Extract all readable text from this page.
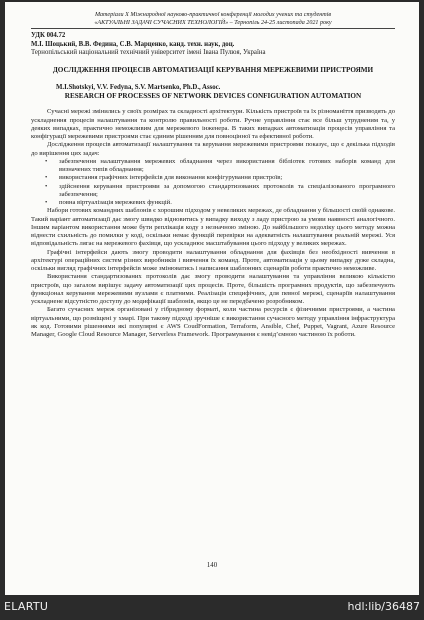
Матеріали Х Міжнародної науково-практичної конференції молодих учених та студентів
«АКТУАЛЬНІ ЗАДАЧІ СУЧАСНИХ ТЕХНОЛОГІЙ» – Тернопіль 24-25 листопада 2021 року

УДК 004.72

М.І. Шоцький, В.В. Федина, С.В. Марценко, канд. техн. наук, доц.

Тернопільський національний технічний університет імені Івана Пулюя, Україна

ДОСЛІДЖЕННЯ ПРОЦЕСІВ АВТОМАТИЗАЦІЇ КЕРУВАННЯ МЕРЕЖЕВИМИ ПРИСТРОЯМИ

M.I.Shotskyi, V.V. Fedyna, S.V. Martsenko, Ph.D., Assoc.

RESEARCH OF PROCESSES OF NETWORK DEVICES CONFIGURATION AUTOMATION

Сучасні мережі змінились у своїх розмірах та складності архітектури. Кількість пристроїв та їх різноманіття призводять до ускладнення процесів налаштування та контролю правильності роботи. Ручне управління стає все більш утрудненим та, у деяких випадках, практично неможливим для мережевого інженера. В таких випадках автоматизація процесів управління та конфігурації мережевими пристроями стає єдиним рішенням для повноцінної та ефективної роботи.

Дослідження процесів автоматизації налаштування та керування мережевими пристроями показує, що є декілька підходів до вирішення цих задач:

• забезпечення налаштування мережевих обладнання через використання бібліотек готових наборів команд для визначених типів обладнання;
• використання графічних інтерфейсів для виконання конфігурування пристроїв;
• здійснення керування пристроями за допомогою стандартизованих протоколів та спеціалізованого програмного забезпечення;
• повна віртуалізація мережевих функцій.

Набори готових командних шаблонів є хорошим підходом у невеликих мережах, де обладнання у більшості своїй однакове. Такий варіант автоматизації дає змогу швидко відновитись у випадку виходу з ладу пристрою за умови наявності аналогічного. Іншим варіантом використання може бути реплікація коду з незначною зміною. До найбільшого недоліку цього методу можна віднести схильність до помилки у коді, оскільки немає функцій перевірки на адекватність налаштування реальній мережі. Уся відповідальність лягає на мережевого фахівця, що ускладнює масштабування цього підходу у великих мережах.

Графічні інтерфейси дають змогу проводити налаштування обладнання для фахівців без необхідності вивчення в архітектурі операційних систем різних виробників і вивчення їх команд. Проте, автоматизація у цьому випадку дуже складна, оскільки вигляд графічних інтерфейсів може змінюватись і написання шаблонних сценаріїв роботи практично неможливе.

Використання стандартизованих протоколів дає змогу проводити налаштування та управління великою кількістю пристроїв, що загалом вирішує задачу автоматизації цих процесів. Проте, більшість програмних продуктів, що забезпечують функціонал керування мережевими вузлами є платними. Реалізація специфічних, для певної мережі, сценаріїв налаштування ускладнене відсутністю доступу до модифікації шаблонів, якщо це не передбачено розробником.

Багато сучасних мереж організовані у гібридному форматі, коли частина ресурсів є фізичними пристроями, а частина віртуальними, що розміщені у хмарі. При такому підході зручніше є використання сучасного методу управління інфраструктура як код. Готовими рішеннями які популярні є AWS CoudFormation, Terraform, Ansible, Chef, Puppet, Vagrant, Azure Resource Manager, Google Cloud Resource Manager, Serverless Framework. Програмування є невід’ємною частиною їх роботи.

140
ELARTU	hdl:lib/36487
